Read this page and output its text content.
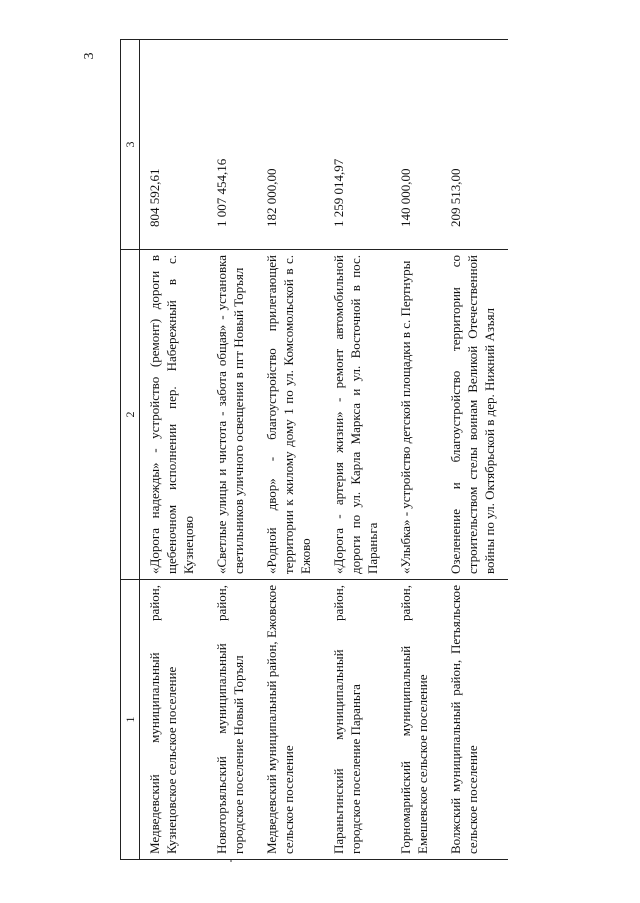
3
1	2	3
Медведевский муниципальный район, Кузнецовское сельское поселение	«Дорога надежды» - устройство (ремонт) дороги в щебеночном исполнении пер. Набережный в с. Кузнецово	804 592,61
Новоторъяльский муниципальный район, городское поселение Новый Торъял	«Светлые улицы и чистота - забота общая» - установка светильников уличного освещения в пгт Новый Торъял	1 007 454,16
Медведевский муниципальный район, Ежовское сельское поселение	«Родной двор» - благоустройство прилегающей территории к жилому дому 1 по ул. Комсомольской в с. Ежово	182 000,00
Параньгинский муниципальный район, городское поселение Параньга	«Дорога - артерия жизни» - ремонт автомобильной дороги по ул. Карла Маркса и ул. Восточной в пос. Параньга	1 259 014,97
Горномарийский муниципальный район, Емешевское сельское поселение	«Улыбка» - устройство детской площадки в с. Пертнуры	140 000,00
Волжский муниципальный район, Петьяльское сельское поселение	Озеленение и благоустройство территории со строительством стелы воинам Великой Отечественной войны по ул. Октябрьской в дер. Нижний Азъял	209 513,00
